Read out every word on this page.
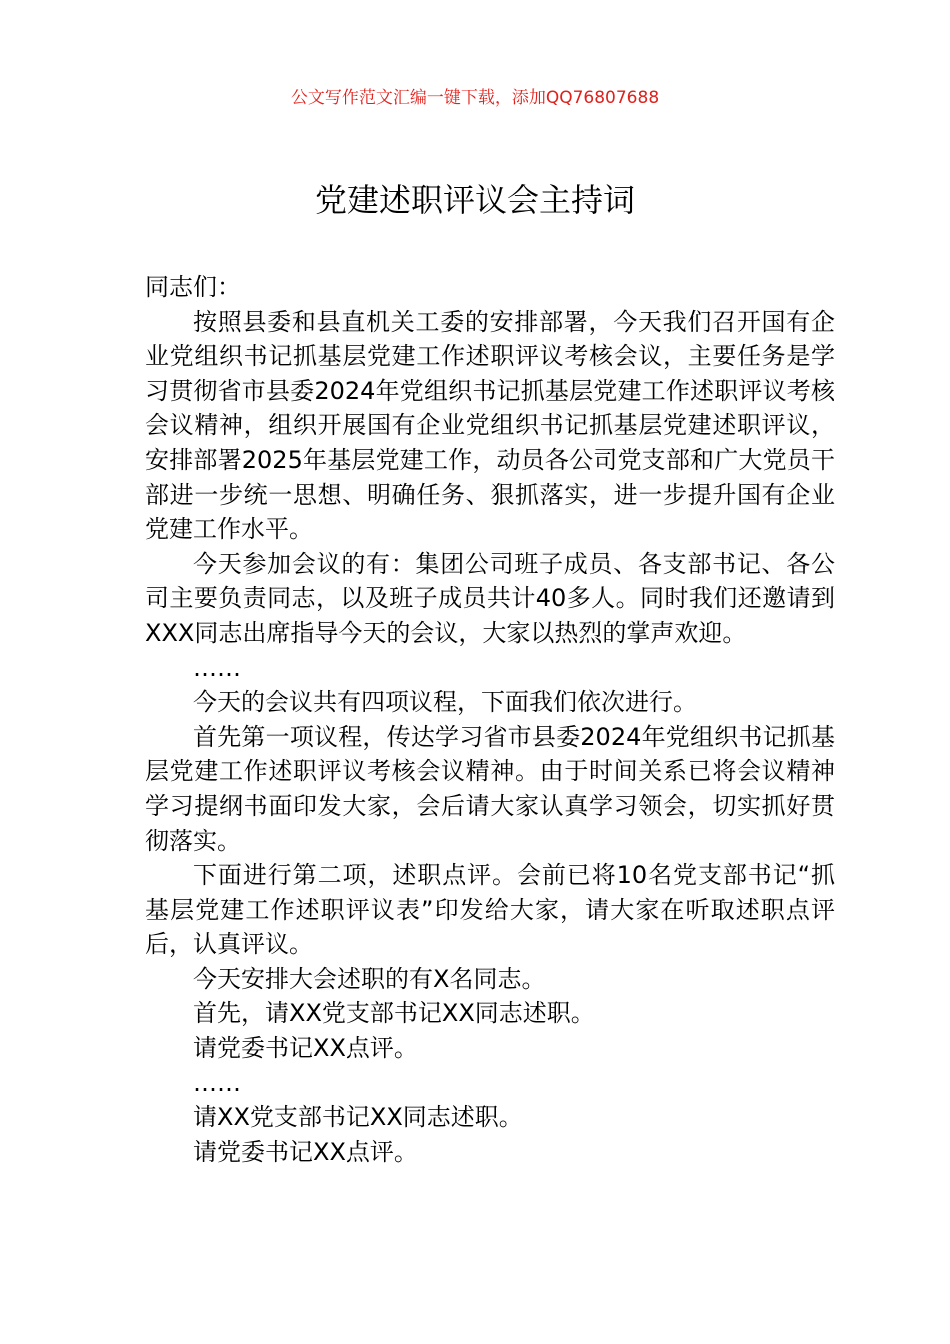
公文写作范文汇编一键下载，添加QQ76807688
党建述职评议会主持词

同志们：

按照县委和县直机关工委的安排部署，今天我们召开国有企业党组织书记抓基层党建工作述职评议考核会议，主要任务是学习贯彻省市县委2024年党组织书记抓基层党建工作述职评议考核会议精神，组织开展国有企业党组织书记抓基层党建述职评议，安排部署2025年基层党建工作，动员各公司党支部和广大党员干部进一步统一思想、明确任务、狠抓落实，进一步提升国有企业党建工作水平。

今天参加会议的有：集团公司班子成员、各支部书记、各公司主要负责同志，以及班子成员共计40多人。同时我们还邀请到XXX同志出席指导今天的会议，大家以热烈的掌声欢迎。

……

今天的会议共有四项议程，下面我们依次进行。

首先第一项议程，传达学习省市县委2024年党组织书记抓基层党建工作述职评议考核会议精神。由于时间关系已将会议精神学习提纲书面印发大家，会后请大家认真学习领会，切实抓好贯彻落实。

下面进行第二项，述职点评。会前已将10名党支部书记“抓基层党建工作述职评议表”印发给大家，请大家在听取述职点评后，认真评议。

今天安排大会述职的有X名同志。

首先，请XX党支部书记XX同志述职。

请党委书记XX点评。

……

请XX党支部书记XX同志述职。

请党委书记XX点评。
